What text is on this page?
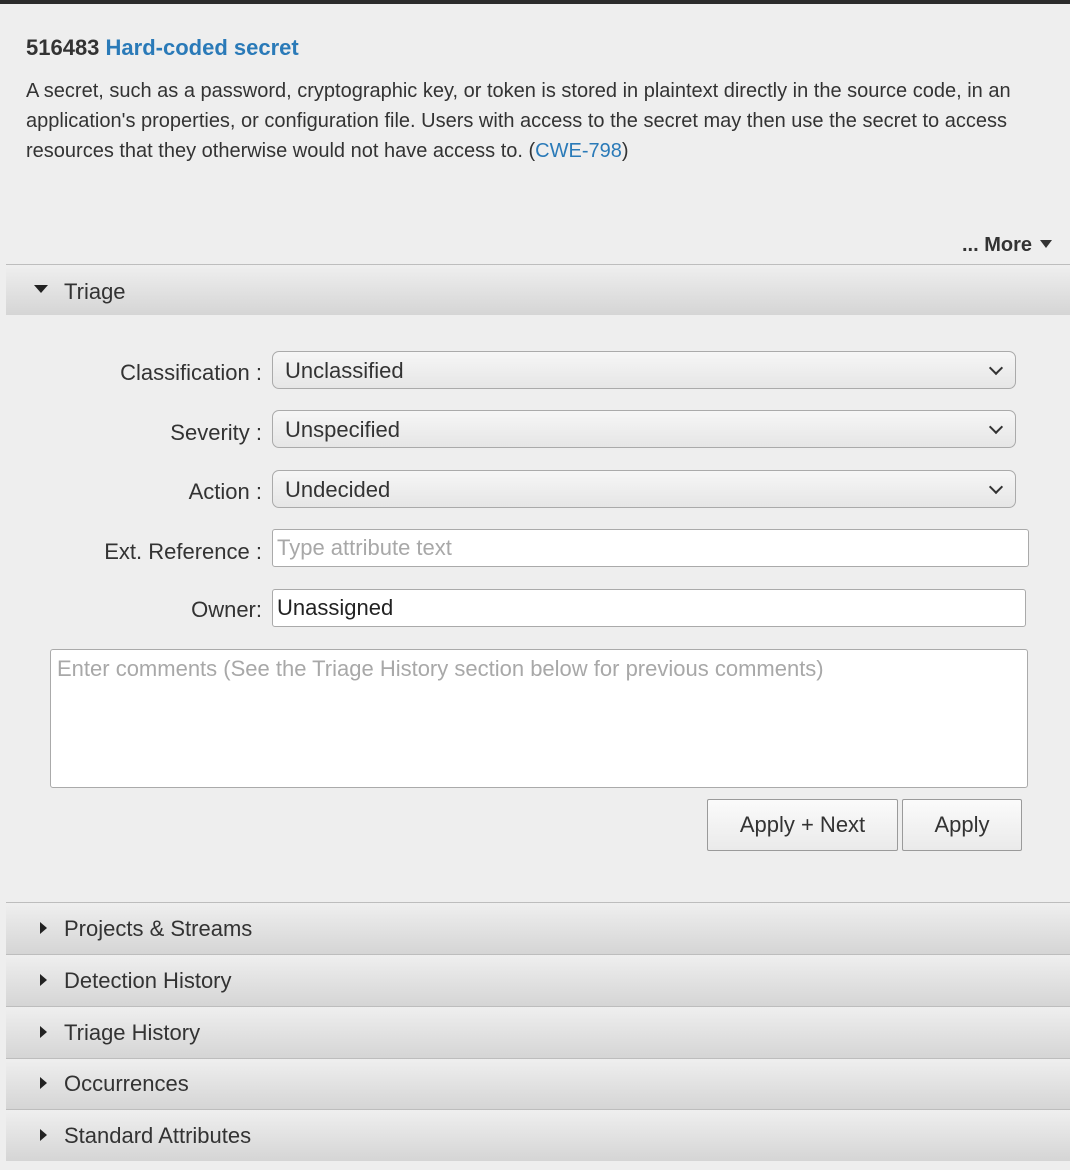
516483 Hard-coded secret
A secret, such as a password, cryptographic key, or token is stored in plaintext directly in the source code, in an application's properties, or configuration file. Users with access to the secret may then use the secret to access resources that they otherwise would not have access to. (CWE-798)
... More
Triage
Classification : Unclassified
Severity : Unspecified
Action : Undecided
Ext. Reference :
Type attribute text
Owner:
Unassigned
Enter comments (See the Triage History section below for previous comments)
Apply + Next	Apply
Projects & Streams
Detection History
Triage History
Occurrences
Standard Attributes
